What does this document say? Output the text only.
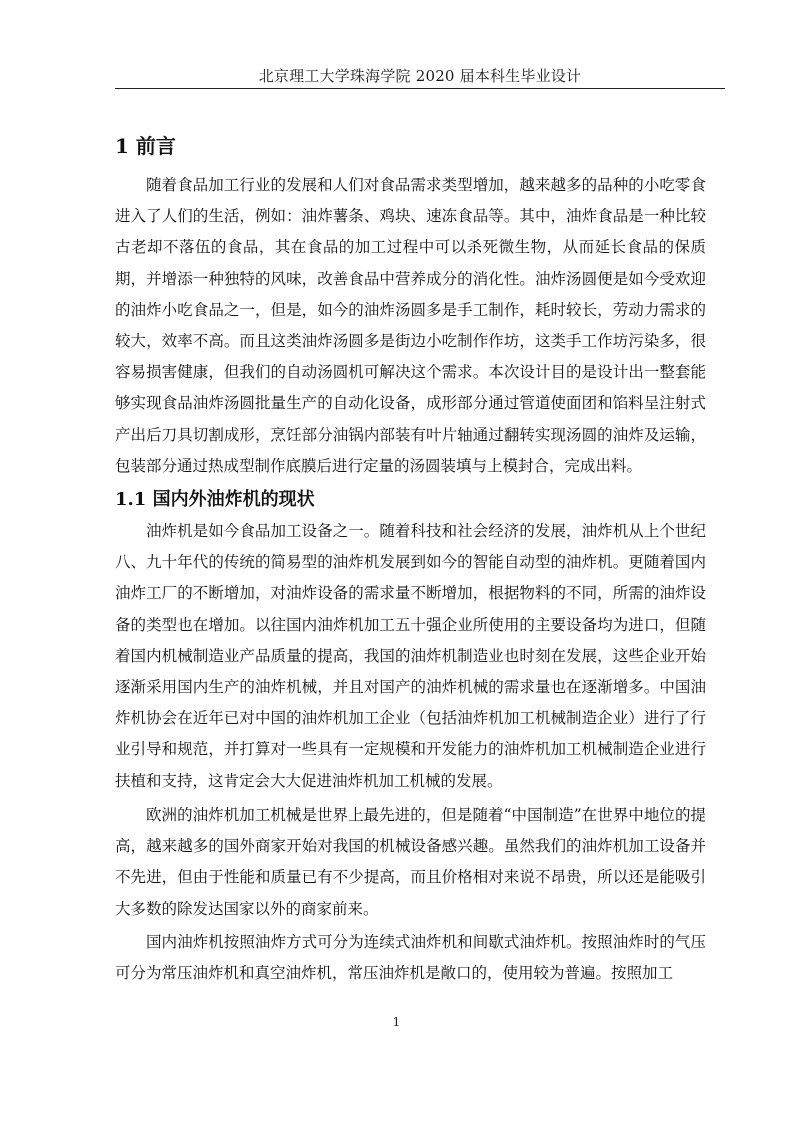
北京理工大学珠海学院 2020 届本科生毕业设计
1 前言

随着食品加工行业的发展和人们对食品需求类型增加，越来越多的品种的小吃零食进入了人们的生活，例如：油炸薯条、鸡块、速冻食品等。其中，油炸食品是一种比较古老却不落伍的食品，其在食品的加工过程中可以杀死微生物，从而延长食品的保质期，并增添一种独特的风味，改善食品中营养成分的消化性。油炸汤圆便是如今受欢迎的油炸小吃食品之一，但是，如今的油炸汤圆多是手工制作，耗时较长，劳动力需求的较大，效率不高。而且这类油炸汤圆多是街边小吃制作作坊，这类手工作坊污染多，很容易损害健康，但我们的自动汤圆机可解决这个需求。本次设计目的是设计出一整套能够实现食品油炸汤圆批量生产的自动化设备，成形部分通过管道使面团和馅料呈注射式产出后刀具切割成形，烹饪部分油锅内部装有叶片轴通过翻转实现汤圆的油炸及运输，包装部分通过热成型制作底膜后进行定量的汤圆装填与上模封合，完成出料。

1.1 国内外油炸机的现状

油炸机是如今食品加工设备之一。随着科技和社会经济的发展，油炸机从上个世纪八、九十年代的传统的简易型的油炸机发展到如今的智能自动型的油炸机。更随着国内油炸工厂的不断增加，对油炸设备的需求量不断增加，根据物料的不同，所需的油炸设备的类型也在增加。以往国内油炸机加工五十强企业所使用的主要设备均为进口，但随着国内机械制造业产品质量的提高，我国的油炸机制造业也时刻在发展，这些企业开始逐渐采用国内生产的油炸机械，并且对国产的油炸机械的需求量也在逐渐增多。中国油炸机协会在近年已对中国的油炸机加工企业（包括油炸机加工机械制造企业）进行了行业引导和规范，并打算对一些具有一定规模和开发能力的油炸机加工机械制造企业进行扶植和支持，这肯定会大大促进油炸机加工机械的发展。

欧洲的油炸机加工机械是世界上最先进的，但是随着“中国制造”在世界中地位的提高，越来越多的国外商家开始对我国的机械设备感兴趣。虽然我们的油炸机加工设备并不先进，但由于性能和质量已有不少提高，而且价格相对来说不昂贵，所以还是能吸引大多数的除发达国家以外的商家前来。

国内油炸机按照油炸方式可分为连续式油炸机和间歇式油炸机。按照油炸时的气压可分为常压油炸机和真空油炸机，常压油炸机是敞口的，使用较为普遍。按照加工

1
